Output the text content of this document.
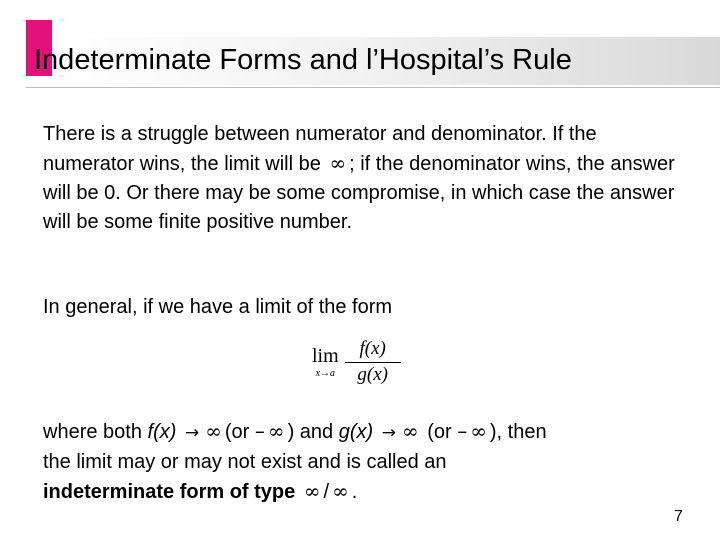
Indeterminate Forms and l’Hospital’s Rule

There is a struggle between numerator and denominator. If the numerator wins, the limit will be ∞ ; if the denominator wins, the answer will be 0. Or there may be some compromise, in which case the answer will be some finite positive number.

In general, if we have a limit of the form

lim
$x\to a \frac{f(x)}{g(x)}$

where both f(x) → ∞ (or – ∞ ) and g(x) → ∞ (or – ∞ ), then
the limit may or may not exist and is called an
indeterminate form of type ∞ / ∞ .

7
